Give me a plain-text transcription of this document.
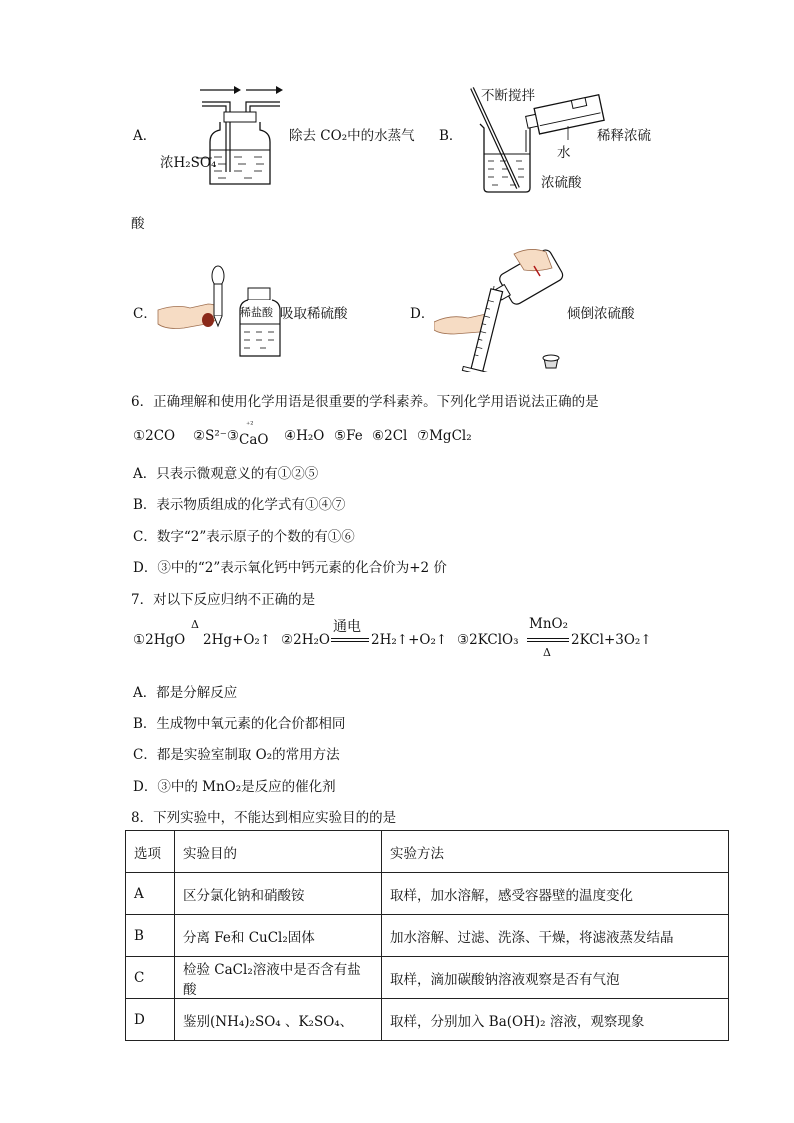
A．
浓H₂SO₄
除去 CO₂中的水蒸气 B．
不断搅拌
水
稀释浓硫
浓硫酸
酸
C．	稀盐酸 吸取稀硫酸	D．	倾倒浓硫酸
6．正确理解和使用化学用语是很重要的学科素养。下列化学用语说法正确的是
①2CO ②S²⁻③
⁺²
CaO ④H₂O ⑤Fe ⑥2Cl ⑦MgCl₂
A．只表示微观意义的有①②⑤
B．表示物质组成的化学式有①④⑦
C．数字“2”表示原子的个数的有①⑥
D．③中的“2”表示氧化钙中钙元素的化合价为+2 价
7．对以下反应归纳不正确的是
①2HgO
Δ
2Hg+O₂↑ ②2H₂O
通电
2H₂↑+O₂↑ ③2KClO₃
MnO₂
Δ
2KCl+3O₂↑
A．都是分解反应
B．生成物中氧元素的化合价都相同
C．都是实验室制取 O₂的常用方法
D．③中的 MnO₂是反应的催化剂
8．下列实验中，不能达到相应实验目的的是
选项	实验目的	实验方法
A	区分氯化钠和硝酸铵	取样，加水溶解，感受容器壁的温度变化
B	分离 Fe和 CuCl₂固体	加水溶解、过滤、洗涤、干燥，将滤液蒸发结晶
C	检验 CaCl₂溶液中是否含有盐酸	取样，滴加碳酸钠溶液观察是否有气泡
D	鉴别(NH₄)₂SO₄ 、K₂SO₄、	取样，分别加入 Ba(OH)₂ 溶液，观察现象
